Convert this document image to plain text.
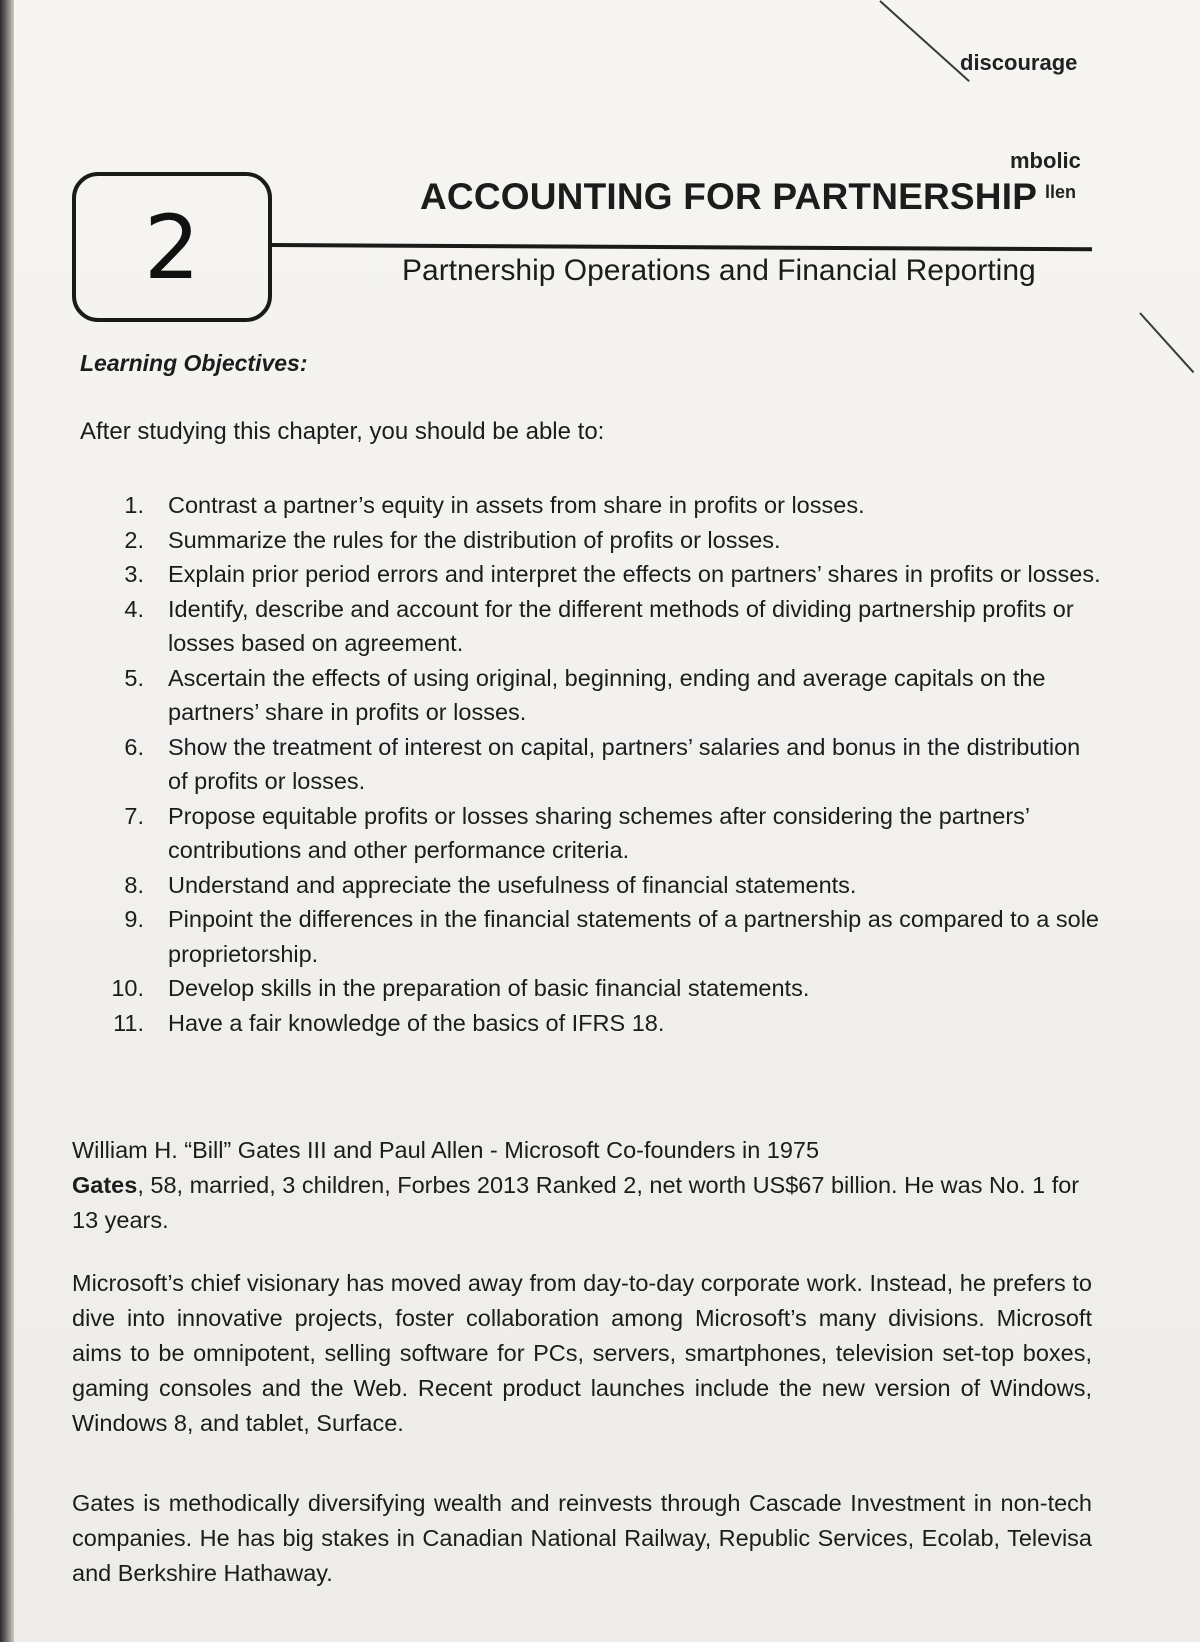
discourage
mbolic
llen
2	ACCOUNTING FOR PARTNERSHIP
Partnership Operations and Financial Reporting
Learning Objectives:
After studying this chapter, you should be able to:
1. Contrast a partner’s equity in assets from share in profits or losses.
2. Summarize the rules for the distribution of profits or losses.
3. Explain prior period errors and interpret the effects on partners’ shares in profits or losses.
4. Identify, describe and account for the different methods of dividing partnership profits or losses based on agreement.
5. Ascertain the effects of using original, beginning, ending and average capitals on the partners’ share in profits or losses.
6. Show the treatment of interest on capital, partners’ salaries and bonus in the distribution of profits or losses.
7. Propose equitable profits or losses sharing schemes after considering the partners’ contributions and other performance criteria.
8. Understand and appreciate the usefulness of financial statements.
9. Pinpoint the differences in the financial statements of a partnership as compared to a sole proprietorship.
10. Develop skills in the preparation of basic financial statements.
11. Have a fair knowledge of the basics of IFRS 18.

William H. “Bill” Gates III and Paul Allen - Microsoft Co-founders in 1975
Gates, 58, married, 3 children, Forbes 2013 Ranked 2, net worth US$67 billion. He was No. 1 for 13 years.

Microsoft’s chief visionary has moved away from day-to-day corporate work. Instead, he prefers to dive into innovative projects, foster collaboration among Microsoft’s many divisions. Microsoft aims to be omnipotent, selling software for PCs, servers, smartphones, television set-top boxes, gaming consoles and the Web. Recent product launches include the new version of Windows, Windows 8, and tablet, Surface.

Gates is methodically diversifying wealth and reinvests through Cascade Investment in non-tech companies. He has big stakes in Canadian National Railway, Republic Services, Ecolab, Televisa and Berkshire Hathaway.
